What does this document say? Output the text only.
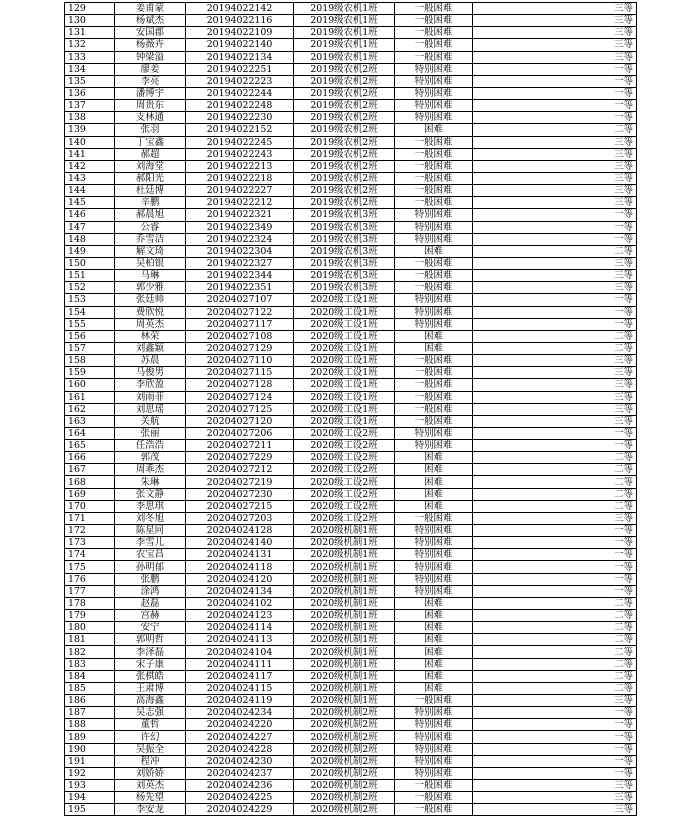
129	姜甫蒙	20194022142	2019级农机1班	一般困难	三等
130	杨斌杰	20194022116	2019级农机1班	一般困难	三等
131	安国郡	20194022109	2019级农机1班	一般困难	三等
132	杨薇卉	20194022140	2019级农机1班	一般困难	三等
133	钟梁溢	20194022134	2019级农机1班	一般困难	三等
134	廖姜	20194022251	2019级农机2班	特别困难	一等
135	李亮	20194022223	2019级农机2班	特别困难	一等
136	潘博宇	20194022244	2019级农机2班	特别困难	一等
137	周贵东	20194022248	2019级农机2班	特别困难	一等
138	支林通	20194022230	2019级农机2班	特别困难	一等
139	张羽	20194022152	2019级农机2班	困难	二等
140	丁宝鑫	20194022245	2019级农机2班	一般困难	三等
141	郝超	20194022243	2019级农机2班	一般困难	三等
142	刘海堂	20194022213	2019级农机2班	一般困难	三等
143	郝阳光	20194022218	2019级农机2班	一般困难	三等
144	杜廷博	20194022227	2019级农机2班	一般困难	三等
145	辛鹏	20194022212	2019级农机2班	一般困难	三等
146	郝晨旭	20194022321	2019级农机3班	特别困难	一等
147	公睿	20194022349	2019级农机3班	特别困难	一等
148	乔雪洁	20194022324	2019级农机3班	特别困难	一等
149	解文琦	20194022304	2019级农机3班	困难	二等
150	吴柏银	20194022327	2019级农机3班	一般困难	三等
151	马琳	20194022344	2019级农机3班	一般困难	三等
152	郭少雅	20194022351	2019级农机3班	一般困难	三等
153	张廷帅	20204027107	2020级工设1班	特别困难	一等
154	费欣悦	20204027122	2020级工设1班	特别困难	一等
155	周英杰	20204027117	2020级工设1班	特别困难	一等
156	林荣	20204027108	2020级工设1班	困难	二等
157	刘鑫颖	20204027129	2020级工设1班	困难	二等
158	苏晨	20204027110	2020级工设1班	一般困难	三等
159	马俊男	20204027115	2020级工设1班	一般困难	三等
160	李欣盈	20204027128	2020级工设1班	一般困难	三等
161	刘雨菲	20204027124	2020级工设1班	一般困难	三等
162	刘思瑶	20204027125	2020级工设1班	一般困难	三等
163	关航	20204027120	2020级工设1班	一般困难	三等
164	张丽	20204027206	2020级工设2班	特别困难	一等
165	任浩浩	20204027211	2020级工设2班	特别困难	一等
166	郭茂	20204027229	2020级工设2班	困难	二等
167	周乖杰	20204027212	2020级工设2班	困难	二等
168	朱琳	20204027219	2020级工设2班	困难	二等
169	张文静	20204027230	2020级工设2班	困难	二等
170	李思琪	20204027215	2020级工设2班	困难	二等
171	刘冬旭	20204027203	2020级工设2班	一般困难	三等
172	陈星同	20204024128	2020级机制1班	特别困难	一等
173	李雪儿	20204024140	2020级机制1班	特别困难	一等
174	农宝昌	20204024131	2020级机制1班	特别困难	一等
175	孙明郁	20204024118	2020级机制1班	特别困难	一等
176	张鹏	20204024120	2020级机制1班	特别困难	一等
177	涂鸿	20204024134	2020级机制1班	特别困难	一等
178	赵磊	20204024102	2020级机制1班	困难	二等
179	宫赫	20204024123	2020级机制1班	困难	二等
180	安宁	20204024114	2020级机制1班	困难	二等
181	郭明哲	20204024113	2020级机制1班	困难	二等
182	李泽磊	20204024104	2020级机制1班	困难	二等
183	宋子康	20204024111	2020级机制1班	困难	二等
184	张棋皓	20204024117	2020级机制1班	困难	二等
185	王肃博	20204024115	2020级机制1班	困难	二等
186	高海鑫	20204024119	2020级机制1班	一般困难	三等
187	吴志强	20204024234	2020级机制2班	特别困难	一等
188	董哲	20204024220	2020级机制2班	特别困难	一等
189	许幻	20204024227	2020级机制2班	特别困难	一等
190	吴振全	20204024228	2020级机制2班	特别困难	一等
191	程冲	20204024230	2020级机制2班	特别困难	一等
192	刘娇娇	20204024237	2020级机制2班	特别困难	一等
193	刘英杰	20204024236	2020级机制2班	一般困难	三等
194	杨先望	20204024225	2020级机制2班	一般困难	三等
195	李安龙	20204024229	2020级机制2班	一般困难	三等
